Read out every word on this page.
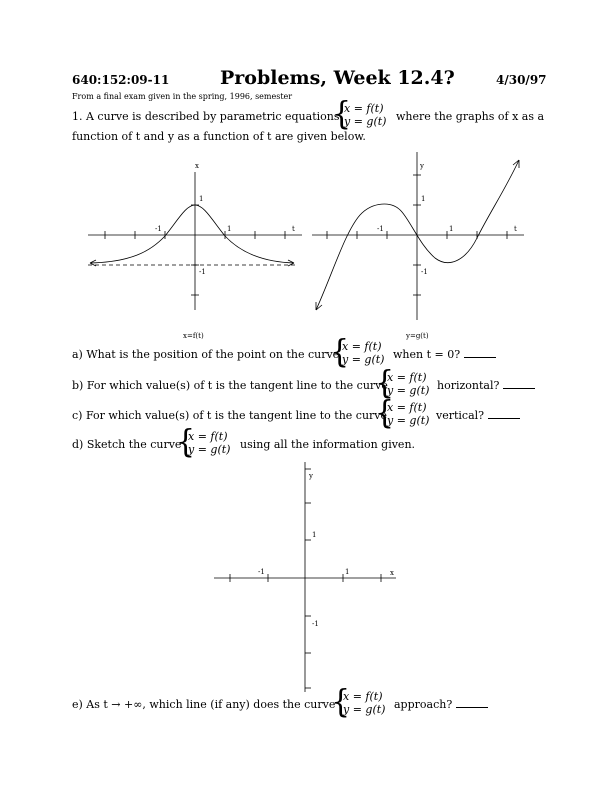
640:152:09-11	Problems, Week 12.4?	4/30/97
From a final exam given in the spring, 1996, semester
1. A curve is described by parametric equations
{
x = f(t)
y = g(t) where the graphs of x as a
function of t and y as a function of t are given below.
x
t
-1	1
1
-1
x=f(t)
y
t
-1	1
1
-1
y=g(t)
y
x
-1	1
1
-1
a) What is the position of the point on the curve
{
x = f(t)
y = g(t) when t = 0?
b) For which value(s) of t is the tangent line to the curve
{
x = f(t)
y = g(t) horizontal?
c) For which value(s) of t is the tangent line to the curve
{
x = f(t)
y = g(t) vertical?
d) Sketch the curve
{
x = f(t)
y = g(t) using all the information given.
e) As t → +∞, which line (if any) does the curve
{
x = f(t)
y = g(t) approach?
